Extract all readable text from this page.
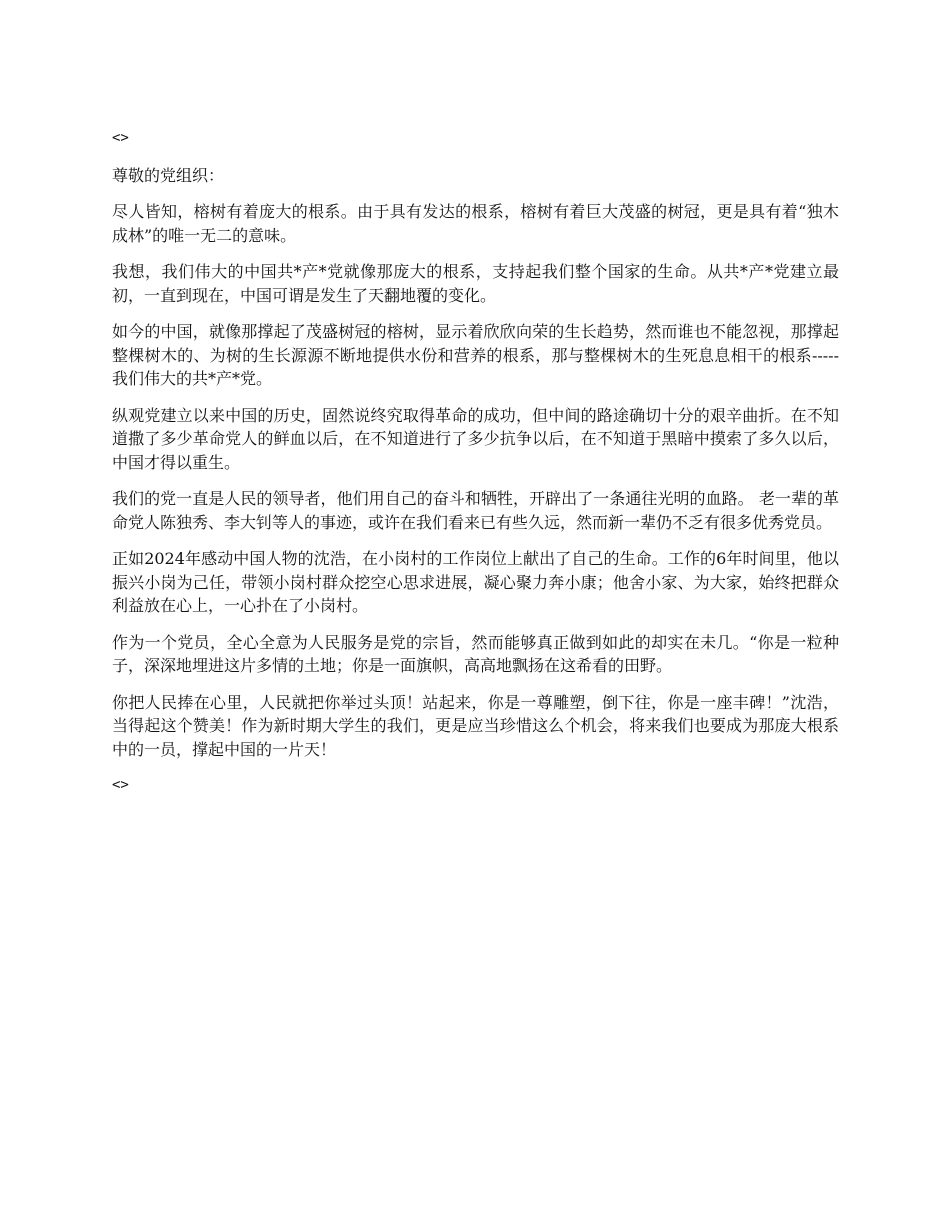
<>

尊敬的党组织：

尽人皆知，榕树有着庞大的根系。由于具有发达的根系，榕树有着巨大茂盛的树冠，更是具有着“独木成林”的唯一无二的意味。

我想，我们伟大的中国共*产*党就像那庞大的根系，支持起我们整个国家的生命。从共*产*党建立最初，一直到现在，中国可谓是发生了天翻地覆的变化。

如今的中国，就像那撑起了茂盛树冠的榕树，显示着欣欣向荣的生长趋势，然而谁也不能忽视，那撑起整棵树木的、为树的生长源源不断地提供水份和营养的根系，那与整棵树木的生死息息相干的根系-----我们伟大的共*产*党。

纵观党建立以来中国的历史，固然说终究取得革命的成功，但中间的路途确切十分的艰辛曲折。在不知道撒了多少革命党人的鲜血以后，在不知道进行了多少抗争以后，在不知道于黑暗中摸索了多久以后，中国才得以重生。

我们的党一直是人民的领导者，他们用自己的奋斗和牺牲，开辟出了一条通往光明的血路。 老一辈的革命党人陈独秀、李大钊等人的事迹，或许在我们看来已有些久远，然而新一辈仍不乏有很多优秀党员。

正如2024年感动中国人物的沈浩，在小岗村的工作岗位上献出了自己的生命。工作的6年时间里，他以振兴小岗为己任，带领小岗村群众挖空心思求进展，凝心聚力奔小康；他舍小家、为大家，始终把群众利益放在心上，一心扑在了小岗村。

作为一个党员，全心全意为人民服务是党的宗旨，然而能够真正做到如此的却实在未几。“你是一粒种子，深深地埋进这片多情的土地；你是一面旗帜，高高地飘扬在这希看的田野。

你把人民捧在心里，人民就把你举过头顶！站起来，你是一尊雕塑，倒下往，你是一座丰碑！”沈浩，当得起这个赞美！作为新时期大学生的我们，更是应当珍惜这么个机会，将来我们也要成为那庞大根系中的一员，撑起中国的一片天！

<>
